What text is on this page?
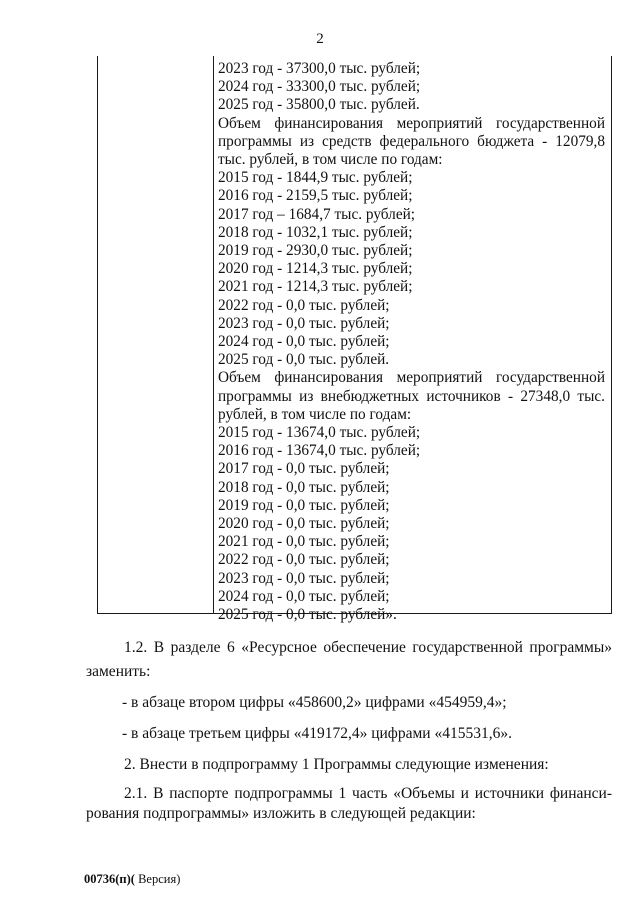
2
2023 год - 37300,0 тыс. рублей;
2024 год - 33300,0 тыс. рублей;
2025 год - 35800,0 тыс. рублей.
Объем финансирования мероприятий государственной программы из средств федерального бюджета - 12079,8 тыс. рублей, в том числе по годам:
2015 год - 1844,9 тыс. рублей;
2016 год - 2159,5 тыс. рублей;
2017 год – 1684,7 тыс. рублей;
2018 год - 1032,1 тыс. рублей;
2019 год - 2930,0 тыс. рублей;
2020 год - 1214,3 тыс. рублей;
2021 год - 1214,3 тыс. рублей;
2022 год - 0,0 тыс. рублей;
2023 год - 0,0 тыс. рублей;
2024 год - 0,0 тыс. рублей;
2025 год - 0,0 тыс. рублей.
Объем финансирования мероприятий государственной программы из внебюджетных источников - 27348,0 тыс. рублей, в том числе по годам:
2015 год - 13674,0 тыс. рублей;
2016 год - 13674,0 тыс. рублей;
2017 год - 0,0 тыс. рублей;
2018 год - 0,0 тыс. рублей;
2019 год - 0,0 тыс. рублей;
2020 год - 0,0 тыс. рублей;
2021 год - 0,0 тыс. рублей;
2022 год - 0,0 тыс. рублей;
2023 год - 0,0 тыс. рублей;
2024 год - 0,0 тыс. рублей;
2025 год - 0,0 тыс. рублей».

1.2. В разделе 6 «Ресурсное обеспечение государственной программы» заменить:

- в абзаце втором цифры «458600,2» цифрами «454959,4»;

- в абзаце третьем цифры «419172,4» цифрами «415531,6».

2. Внести в подпрограмму 1 Программы следующие изменения:

2.1. В паспорте подпрограммы 1 часть «Объемы и источники финанси-рования подпрограммы» изложить в следующей редакции:

00736(п)( Версия)
